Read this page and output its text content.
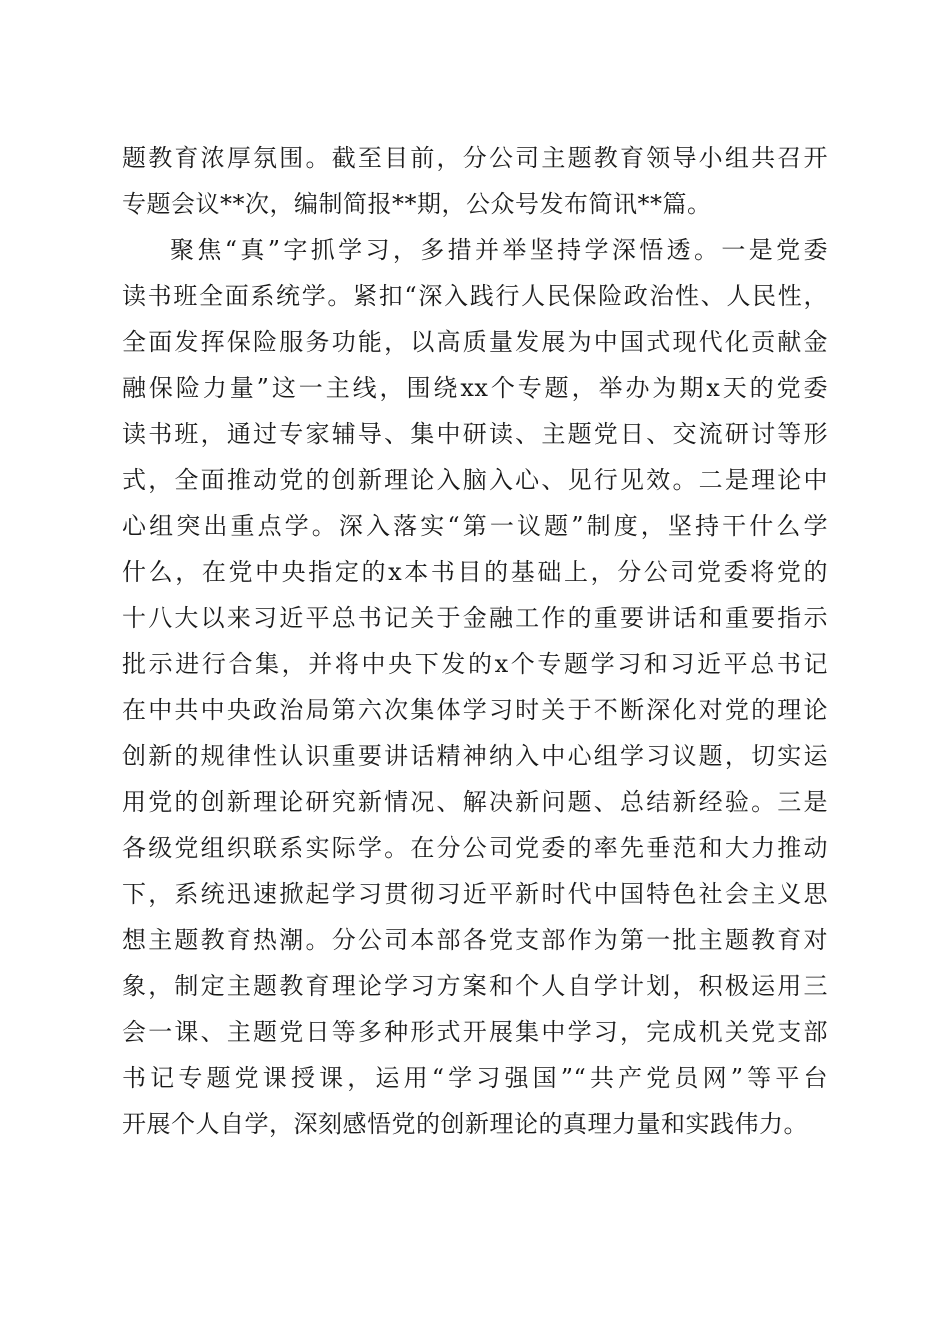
题教育浓厚氛围。截至目前，分公司主题教育领导小组共召开
专题会议**次，编制简报**期，公众号发布简讯**篇。
聚焦“真”字抓学习，多措并举坚持学深悟透。一是党委
读书班全面系统学。紧扣“深入践行人民保险政治性、人民性，
全面发挥保险服务功能，以高质量发展为中国式现代化贡献金
融保险力量”这一主线，围绕xx个专题，举办为期x天的党委
读书班，通过专家辅导、集中研读、主题党日、交流研讨等形
式，全面推动党的创新理论入脑入心、见行见效。二是理论中
心组突出重点学。深入落实“第一议题”制度，坚持干什么学
什么，在党中央指定的x本书目的基础上，分公司党委将党的
十八大以来习近平总书记关于金融工作的重要讲话和重要指示
批示进行合集，并将中央下发的x个专题学习和习近平总书记
在中共中央政治局第六次集体学习时关于不断深化对党的理论
创新的规律性认识重要讲话精神纳入中心组学习议题，切实运
用党的创新理论研究新情况、解决新问题、总结新经验。三是
各级党组织联系实际学。在分公司党委的率先垂范和大力推动
下，系统迅速掀起学习贯彻习近平新时代中国特色社会主义思
想主题教育热潮。分公司本部各党支部作为第一批主题教育对
象，制定主题教育理论学习方案和个人自学计划，积极运用三
会一课、主题党日等多种形式开展集中学习，完成机关党支部
书记专题党课授课，运用“学习强国”“共产党员网”等平台
开展个人自学，深刻感悟党的创新理论的真理力量和实践伟力。
